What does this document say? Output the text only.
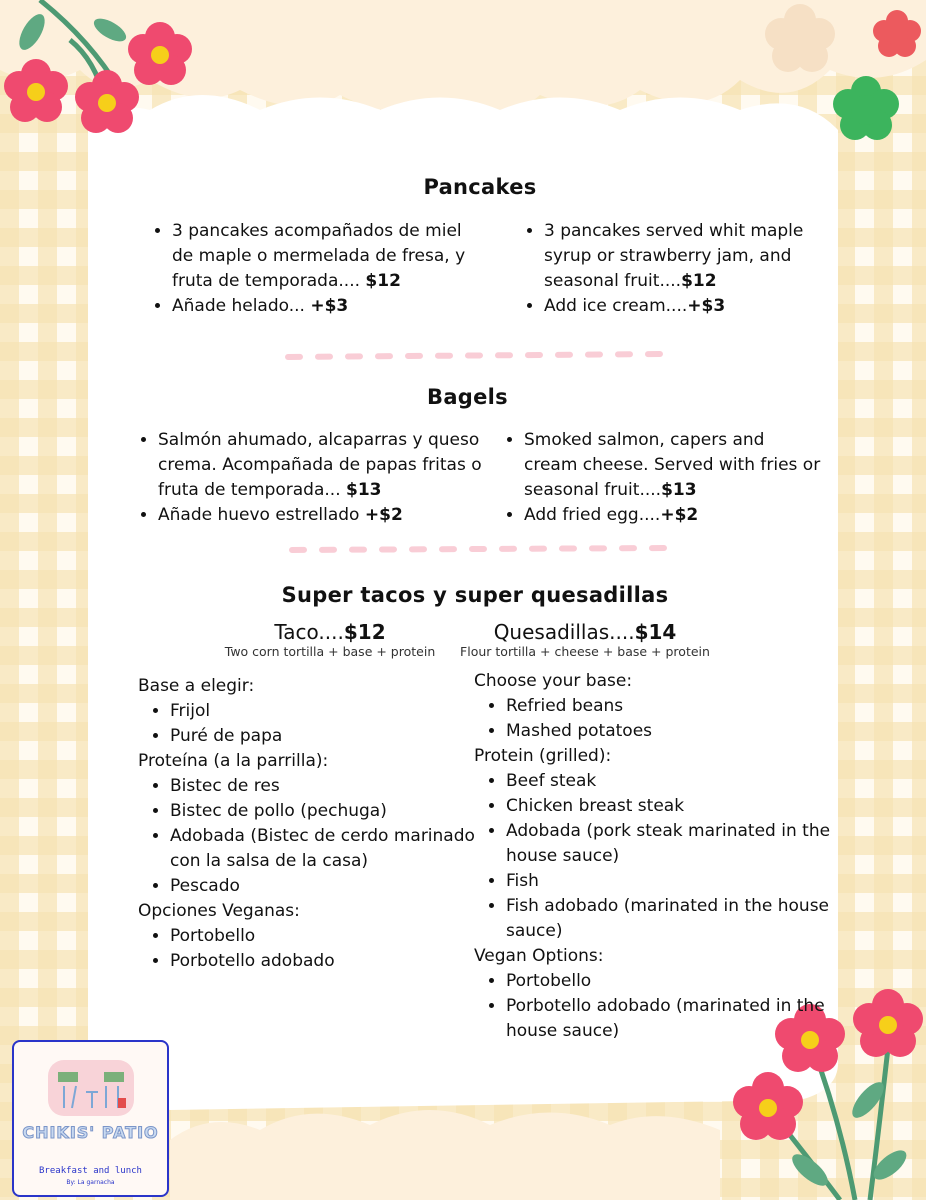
Pancakes
• 3 pancakes acompañados de miel de maple o mermelada de fresa, y fruta de temporada.... $12
• Añade helado... +$3
• 3 pancakes served whit maple syrup or strawberry jam, and seasonal fruit....$12
• Add ice cream....+$3
Bagels
• Salmón ahumado, alcaparras y queso crema. Acompañada de papas fritas o fruta de temporada... $13
• Añade huevo estrellado +$2
• Smoked salmon, capers and cream cheese. Served with fries or seasonal fruit....$13
• Add fried egg....+$2
Super tacos y super quesadillas

Taco....$12

Two corn tortilla + base + protein

Base a elegir:

• Frijol
• Puré de papa

Proteína (a la parrilla):

• Bistec de res
• Bistec de pollo (pechuga)
• Adobada (Bistec de cerdo marinado con la salsa de la casa)
• Pescado

Opciones Veganas:

• Portobello
• Porbotello adobado

Quesadillas....$14

Flour tortilla + cheese + base + protein

Choose your base:

• Refried beans
• Mashed potatoes

Protein (grilled):

• Beef steak
• Chicken breast steak
• Adobada (pork steak marinated in the house sauce)
• Fish
• Fish adobado (marinated in the house sauce)

Vegan Options:

• Portobello
• Porbotello adobado (marinated in the house sauce)
CHIKIS' PATIO
Breakfast and lunch
By: La garnacha
